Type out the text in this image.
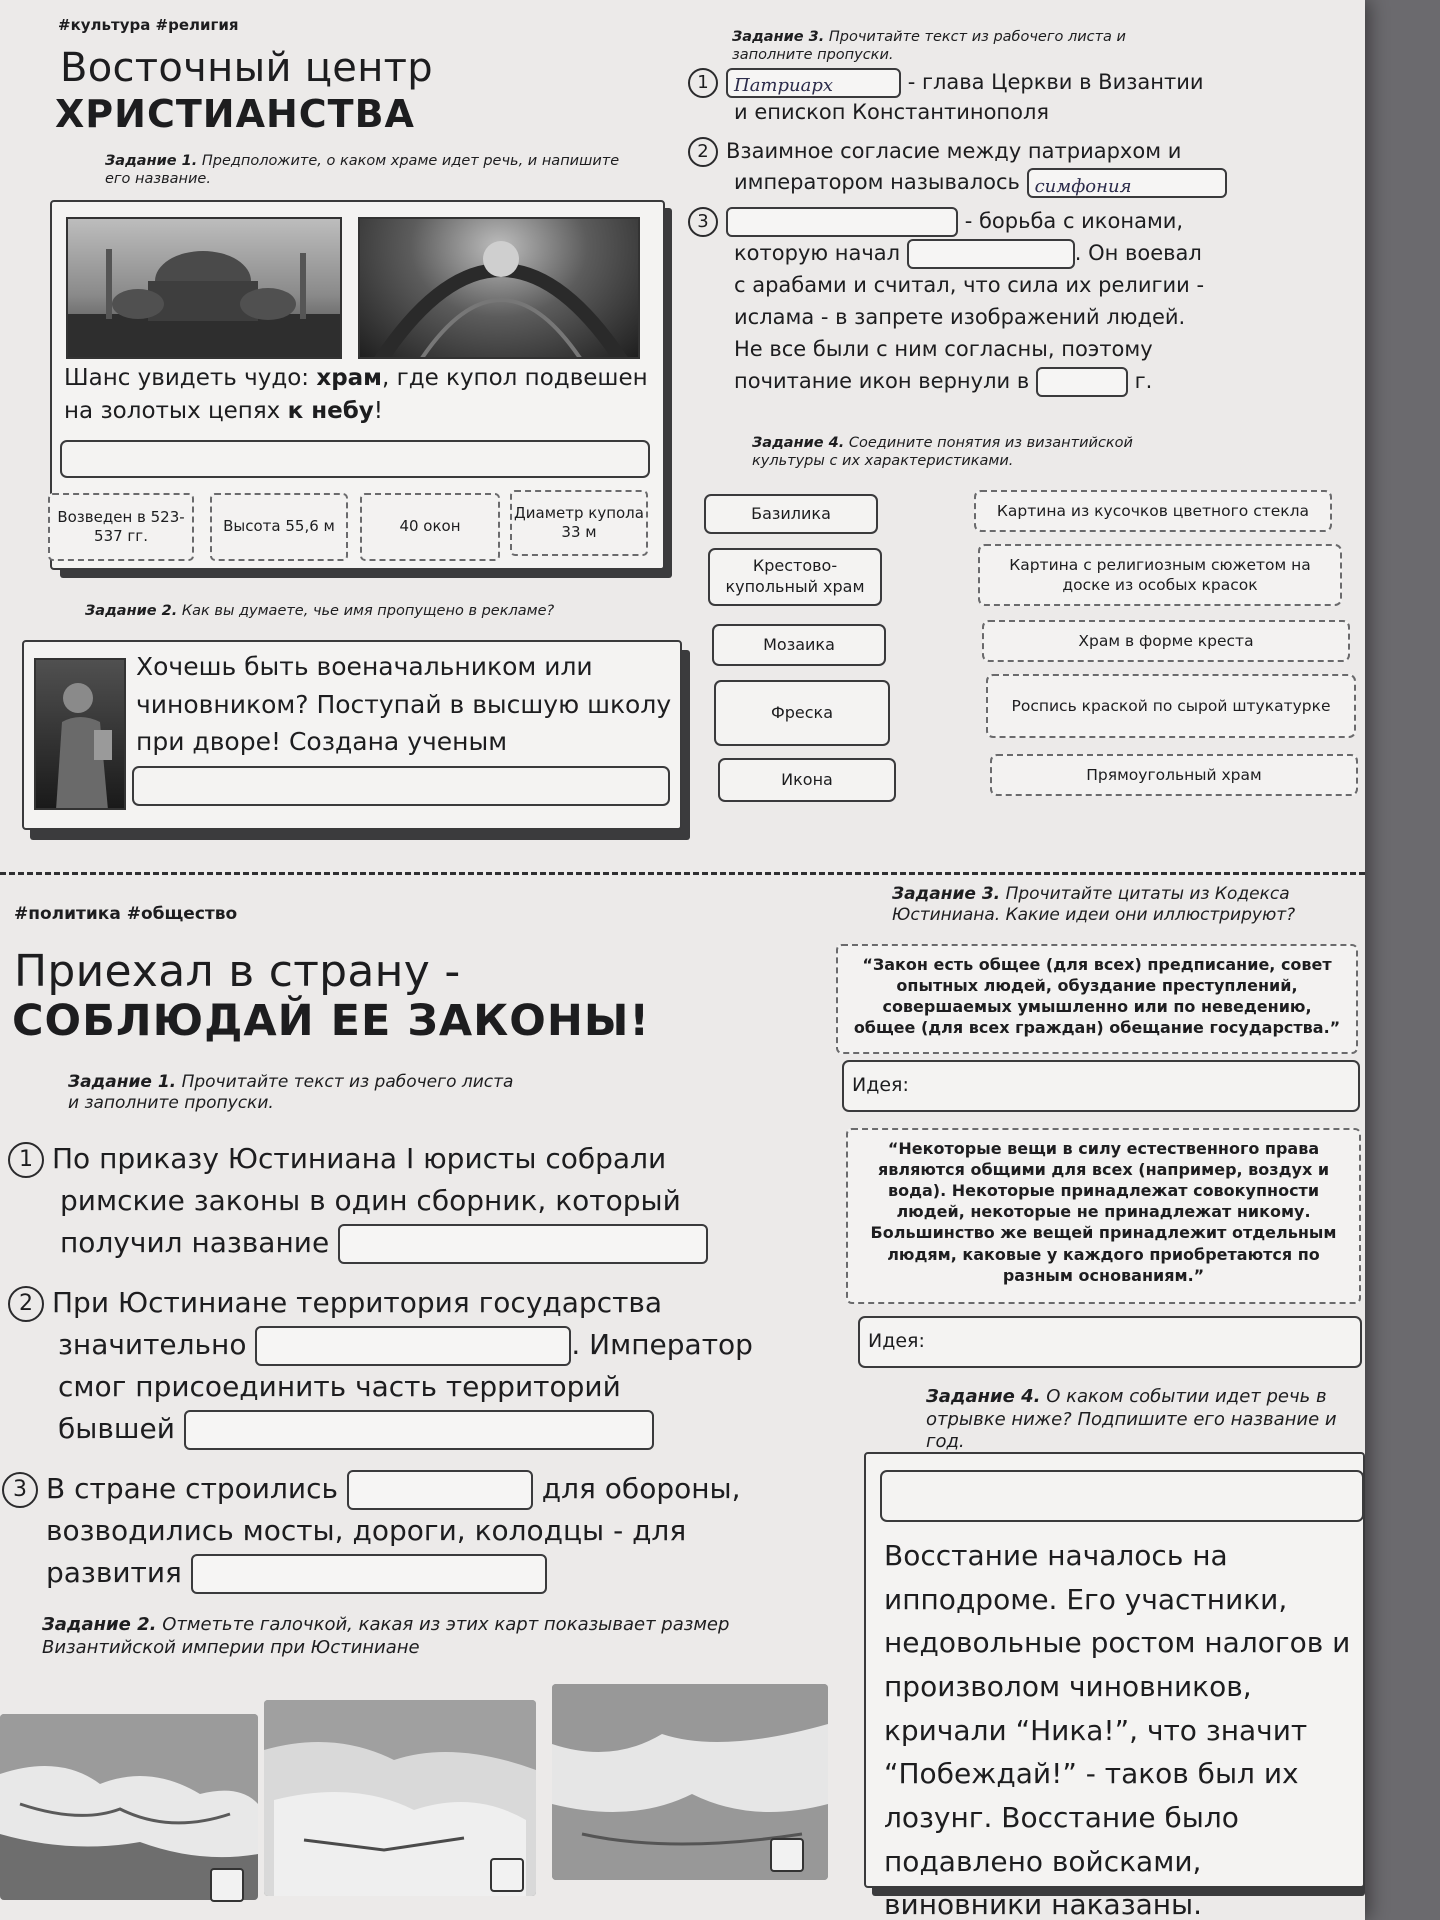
#культура #религия
Восточный центр
ХРИСТИАНСТВА
Задание 1. Предположите, о каком храме идет речь, и напишите его название.
Шанс увидеть чудо: храм, где купол подвешен на золотых цепях к небу!
Возведен в 523-537 гг.
Высота 55,6 м	40 окон
Диаметр купола 33 м
Задание 2. Как вы думаете, чье имя пропущено в рекламе?
Хочешь быть военачальником или чиновником? Поступай в высшую школу при дворе! Создана ученым
Задание 3. Прочитайте текст из рабочего листа и заполните пропуски.
1 Патриарх	- глава Церкви в Византии
и епископ Константинополя
2 Взаимное согласие между патриархом и
императором называлось симфония
3	- борьба с иконами,
которую начал	. Он воевал
с арабами и считал, что сила их религии -
ислама - в запрете изображений людей.
Не все были с ним согласны, поэтому
почитание икон вернули в	г.
Задание 4. Соедините понятия из византийской культуры с их характеристиками.
Базилика
Крестово-купольный храм
Мозаика
Фреска
Икона
Картина из кусочков цветного стекла
Картина с религиозным сюжетом на доске из особых красок
Храм в форме креста
Роспись краской по сырой штукатурке
Прямоугольный храм
#политика #общество
Приехал в страну -
СОБЛЮДАЙ ЕЕ ЗАКОНЫ!
Задание 1. Прочитайте текст из рабочего листа
и заполните пропуски.
1 По приказу Юстиниана I юристы собрали
римские законы в один сборник, который
получил название
2 При Юстиниане территория государства
значительно	. Император
смог присоединить часть территорий
бывшей
3 В стране строились	для обороны,
возводились мосты, дороги, колодцы - для
развития
Задание 2. Отметьте галочкой, какая из этих карт показывает размер Византийской империи при Юстиниане
Задание 3. Прочитайте цитаты из Кодекса Юстиниана. Какие идеи они иллюстрируют?
“Закон есть общее (для всех) предписание, совет опытных людей, обуздание преступлений, совершаемых умышленно или по неведению, общее (для всех граждан) обещание государства.”
Идея:
“Некоторые вещи в силу естественного права являются общими для всех (например, воздух и вода). Некоторые принадлежат совокупности людей, некоторые не принадлежат никому. Большинство же вещей принадлежит отдельным людям, каковые у каждого приобретаются по разным основаниям.”
Идея:
Задание 4. О каком событии идет речь в отрывке ниже? Подпишите его название и год.
Восстание началось на ипподроме. Его участники, недовольные ростом налогов и произволом чиновников, кричали “Ника!”, что значит “Побеждай!” - таков был их лозунг. Восстание было подавлено войсками, виновники наказаны.
